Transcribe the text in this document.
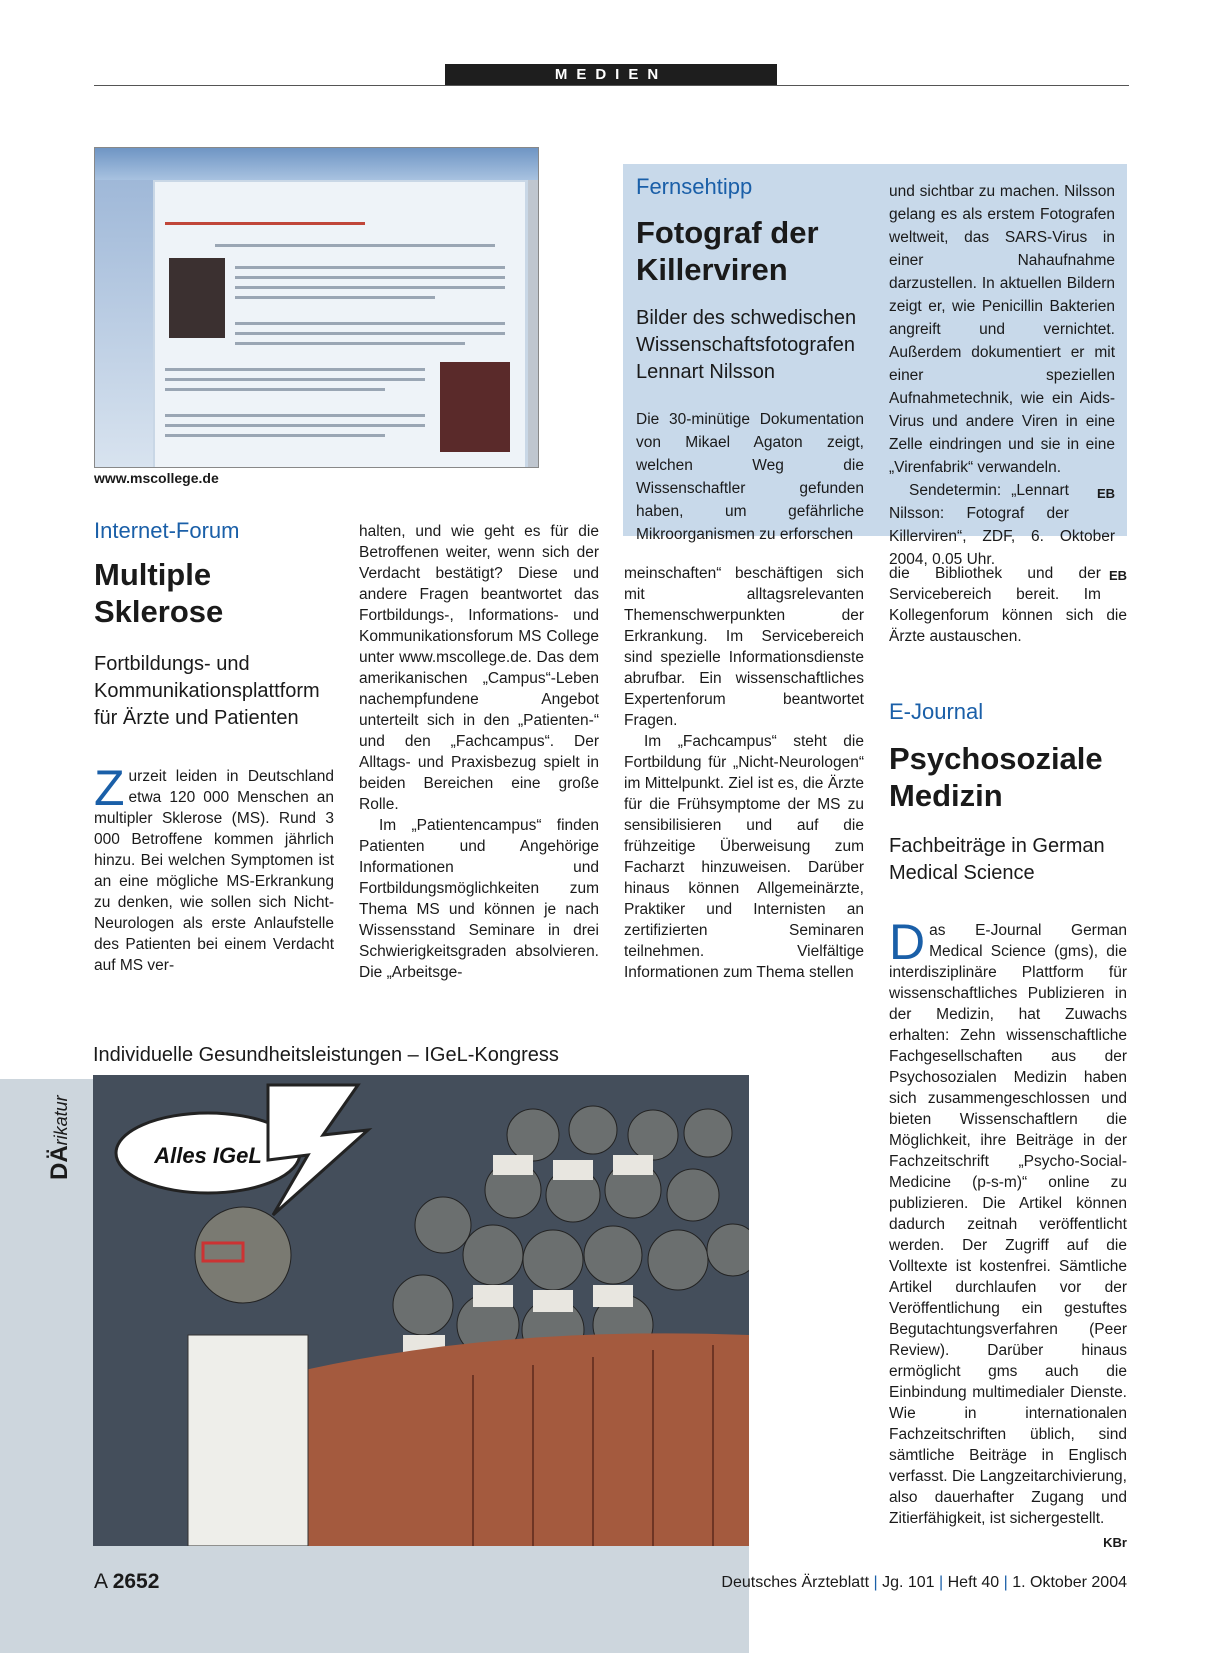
MEDIEN
www.mscollege.de
Internet-Forum
Multiple
Sklerose
Fortbildungs- und Kommunikationsplattform für Ärzte und Patienten
Zurzeit leiden in Deutschland etwa 120 000 Menschen an multipler Sklerose (MS). Rund 3 000 Betroffene kommen jährlich hinzu. Bei welchen Symptomen ist an eine mögliche MS-Erkrankung zu denken, wie sollen sich Nicht-Neurologen als erste Anlaufstelle des Patienten bei einem Verdacht auf MS ver-

halten, und wie geht es für die Betroffenen weiter, wenn sich der Verdacht bestätigt? Diese und andere Fragen beantwortet das Fortbildungs-, Informations- und Kommunikationsforum MS College unter www.mscollege.de. Das dem amerikanischen „Campus“-Leben nachempfundene Angebot unterteilt sich in den „Patienten-“ und den „Fachcampus“. Der Alltags- und Praxisbezug spielt in beiden Bereichen eine große Rolle.

Im „Patientencampus“ finden Patienten und Angehörige Informationen und Fortbildungsmöglichkeiten zum Thema MS und können je nach Wissensstand Seminare in drei Schwierigkeitsgraden absolvieren. Die „Arbeitsge-

meinschaften“ beschäftigen sich mit alltagsrelevanten Themenschwerpunkten der Erkrankung. Im Servicebereich sind spezielle Informationsdienste abrufbar. Ein wissenschaftliches Expertenforum beantwortet Fragen.

Im „Fachcampus“ steht die Fortbildung für „Nicht-Neurologen“ im Mittelpunkt. Ziel ist es, die Ärzte für die Frühsymptome der MS zu sensibilisieren und auf die frühzeitige Überweisung zum Facharzt hinzuweisen. Darüber hinaus können Allgemeinärzte, Praktiker und Internisten an zertifizierten Seminaren teilnehmen. Vielfältige Informationen zum Thema stellen

EB
die Bibliothek und der Servicebereich bereit. Im Kollegenforum können sich die Ärzte austauschen.
Fernsehtipp
Fotograf der
Killerviren
Bilder des schwedischen Wissenschaftsfotografen Lennart Nilsson
Die 30-minütige Dokumentation von Mikael Agaton zeigt, welchen Weg die Wissenschaftler gefunden haben, um gefährliche Mikroorganismen zu erforschen

und sichtbar zu machen. Nilsson gelang es als erstem Fotografen weltweit, das SARS-Virus in einer Nahaufnahme darzustellen. In aktuellen Bildern zeigt er, wie Penicillin Bakterien angreift und vernichtet. Außerdem dokumentiert er mit einer speziellen Aufnahmetechnik, wie ein Aids-Virus und andere Viren in eine Zelle eindringen und sie in eine „Virenfabrik“ verwandeln.

EB
Sendetermin: „Lennart Nilsson: Fotograf der Killerviren“, ZDF, 6. Oktober 2004, 0.05 Uhr.

E-Journal
Psychosoziale
Medizin
Fachbeiträge in German Medical Science
Das E-Journal German Medical Science (gms), die interdisziplinäre Plattform für wissenschaftliches Publizieren in der Medizin, hat Zuwachs erhalten: Zehn wissenschaftliche Fachgesellschaften aus der Psychosozialen Medizin haben sich zusammengeschlossen und bieten Wissenschaftlern die Möglichkeit, ihre Beiträge in der Fachzeitschrift „Psycho-Social-Medicine (p-s-m)“ online zu publizieren. Die Artikel können dadurch zeitnah veröffentlicht werden. Der Zugriff auf die Volltexte ist kostenfrei. Sämtliche Artikel durchlaufen vor der Veröffentlichung ein gestuftes Begutachtungsverfahren (Peer Review). Darüber hinaus ermöglicht gms auch die Einbindung multimedialer Dienste. Wie in internationalen Fachzeitschriften üblich, sind sämtliche Beiträge in Englisch verfasst. Die Langzeitarchivierung, also dauerhafter Zugang und Zitierfähigkeit, ist sichergestellt.
KBr
Individuelle Gesundheitsleistungen – IGeL-Kongress
DÄrikatur
Alles IGeL
A 2652	Deutsches Ärzteblatt | Jg. 101 | Heft 40 | 1. Oktober 2004
